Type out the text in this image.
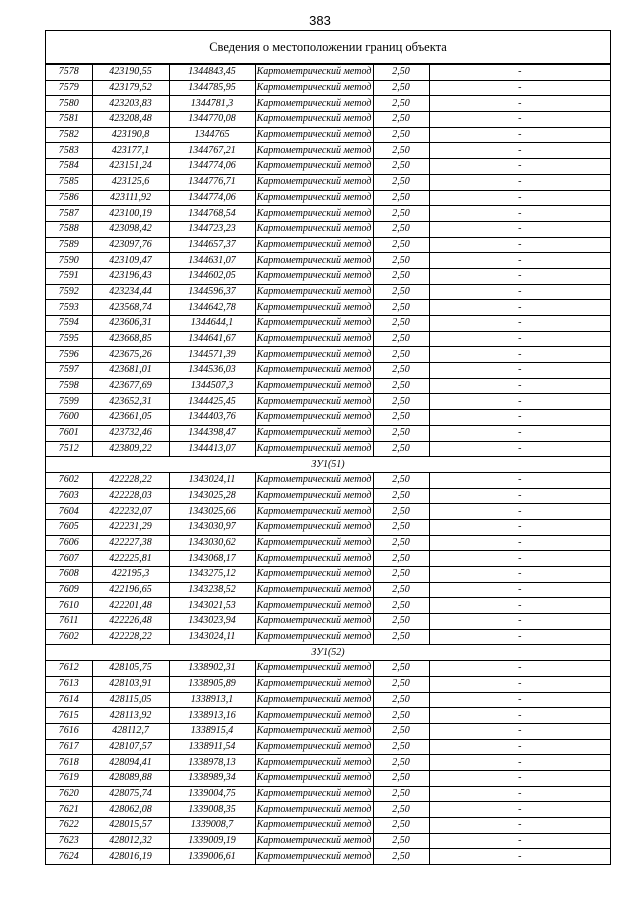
383
Сведения о местоположении границ объекта
7578	423190,55	1344843,45	Картометрический метод	2,50	-
7579	423179,52	1344785,95	Картометрический метод	2,50	-
7580	423203,83	1344781,3	Картометрический метод	2,50	-
7581	423208,48	1344770,08	Картометрический метод	2,50	-
7582	423190,8	1344765	Картометрический метод	2,50	-
7583	423177,1	1344767,21	Картометрический метод	2,50	-
7584	423151,24	1344774,06	Картометрический метод	2,50	-
7585	423125,6	1344776,71	Картометрический метод	2,50	-
7586	423111,92	1344774,06	Картометрический метод	2,50	-
7587	423100,19	1344768,54	Картометрический метод	2,50	-
7588	423098,42	1344723,23	Картометрический метод	2,50	-
7589	423097,76	1344657,37	Картометрический метод	2,50	-
7590	423109,47	1344631,07	Картометрический метод	2,50	-
7591	423196,43	1344602,05	Картометрический метод	2,50	-
7592	423234,44	1344596,37	Картометрический метод	2,50	-
7593	423568,74	1344642,78	Картометрический метод	2,50	-
7594	423606,31	1344644,1	Картометрический метод	2,50	-
7595	423668,85	1344641,67	Картометрический метод	2,50	-
7596	423675,26	1344571,39	Картометрический метод	2,50	-
7597	423681,01	1344536,03	Картометрический метод	2,50	-
7598	423677,69	1344507,3	Картометрический метод	2,50	-
7599	423652,31	1344425,45	Картометрический метод	2,50	-
7600	423661,05	1344403,76	Картометрический метод	2,50	-
7601	423732,46	1344398,47	Картометрический метод	2,50	-
7512	423809,22	1344413,07	Картометрический метод	2,50	-
ЗУ1(51)					
7602	422228,22	1343024,11	Картометрический метод	2,50	-
7603	422228,03	1343025,28	Картометрический метод	2,50	-
7604	422232,07	1343025,66	Картометрический метод	2,50	-
7605	422231,29	1343030,97	Картометрический метод	2,50	-
7606	422227,38	1343030,62	Картометрический метод	2,50	-
7607	422225,81	1343068,17	Картометрический метод	2,50	-
7608	422195,3	1343275,12	Картометрический метод	2,50	-
7609	422196,65	1343238,52	Картометрический метод	2,50	-
7610	422201,48	1343021,53	Картометрический метод	2,50	-
7611	422226,48	1343023,94	Картометрический метод	2,50	-
7602	422228,22	1343024,11	Картометрический метод	2,50	-
ЗУ1(52)					
7612	428105,75	1338902,31	Картометрический метод	2,50	-
7613	428103,91	1338905,89	Картометрический метод	2,50	-
7614	428115,05	1338913,1	Картометрический метод	2,50	-
7615	428113,92	1338913,16	Картометрический метод	2,50	-
7616	428112,7	1338915,4	Картометрический метод	2,50	-
7617	428107,57	1338911,54	Картометрический метод	2,50	-
7618	428094,41	1338978,13	Картометрический метод	2,50	-
7619	428089,88	1338989,34	Картометрический метод	2,50	-
7620	428075,74	1339004,75	Картометрический метод	2,50	-
7621	428062,08	1339008,35	Картометрический метод	2,50	-
7622	428015,57	1339008,7	Картометрический метод	2,50	-
7623	428012,32	1339009,19	Картометрический метод	2,50	-
7624	428016,19	1339006,61	Картометрический метод	2,50	-
